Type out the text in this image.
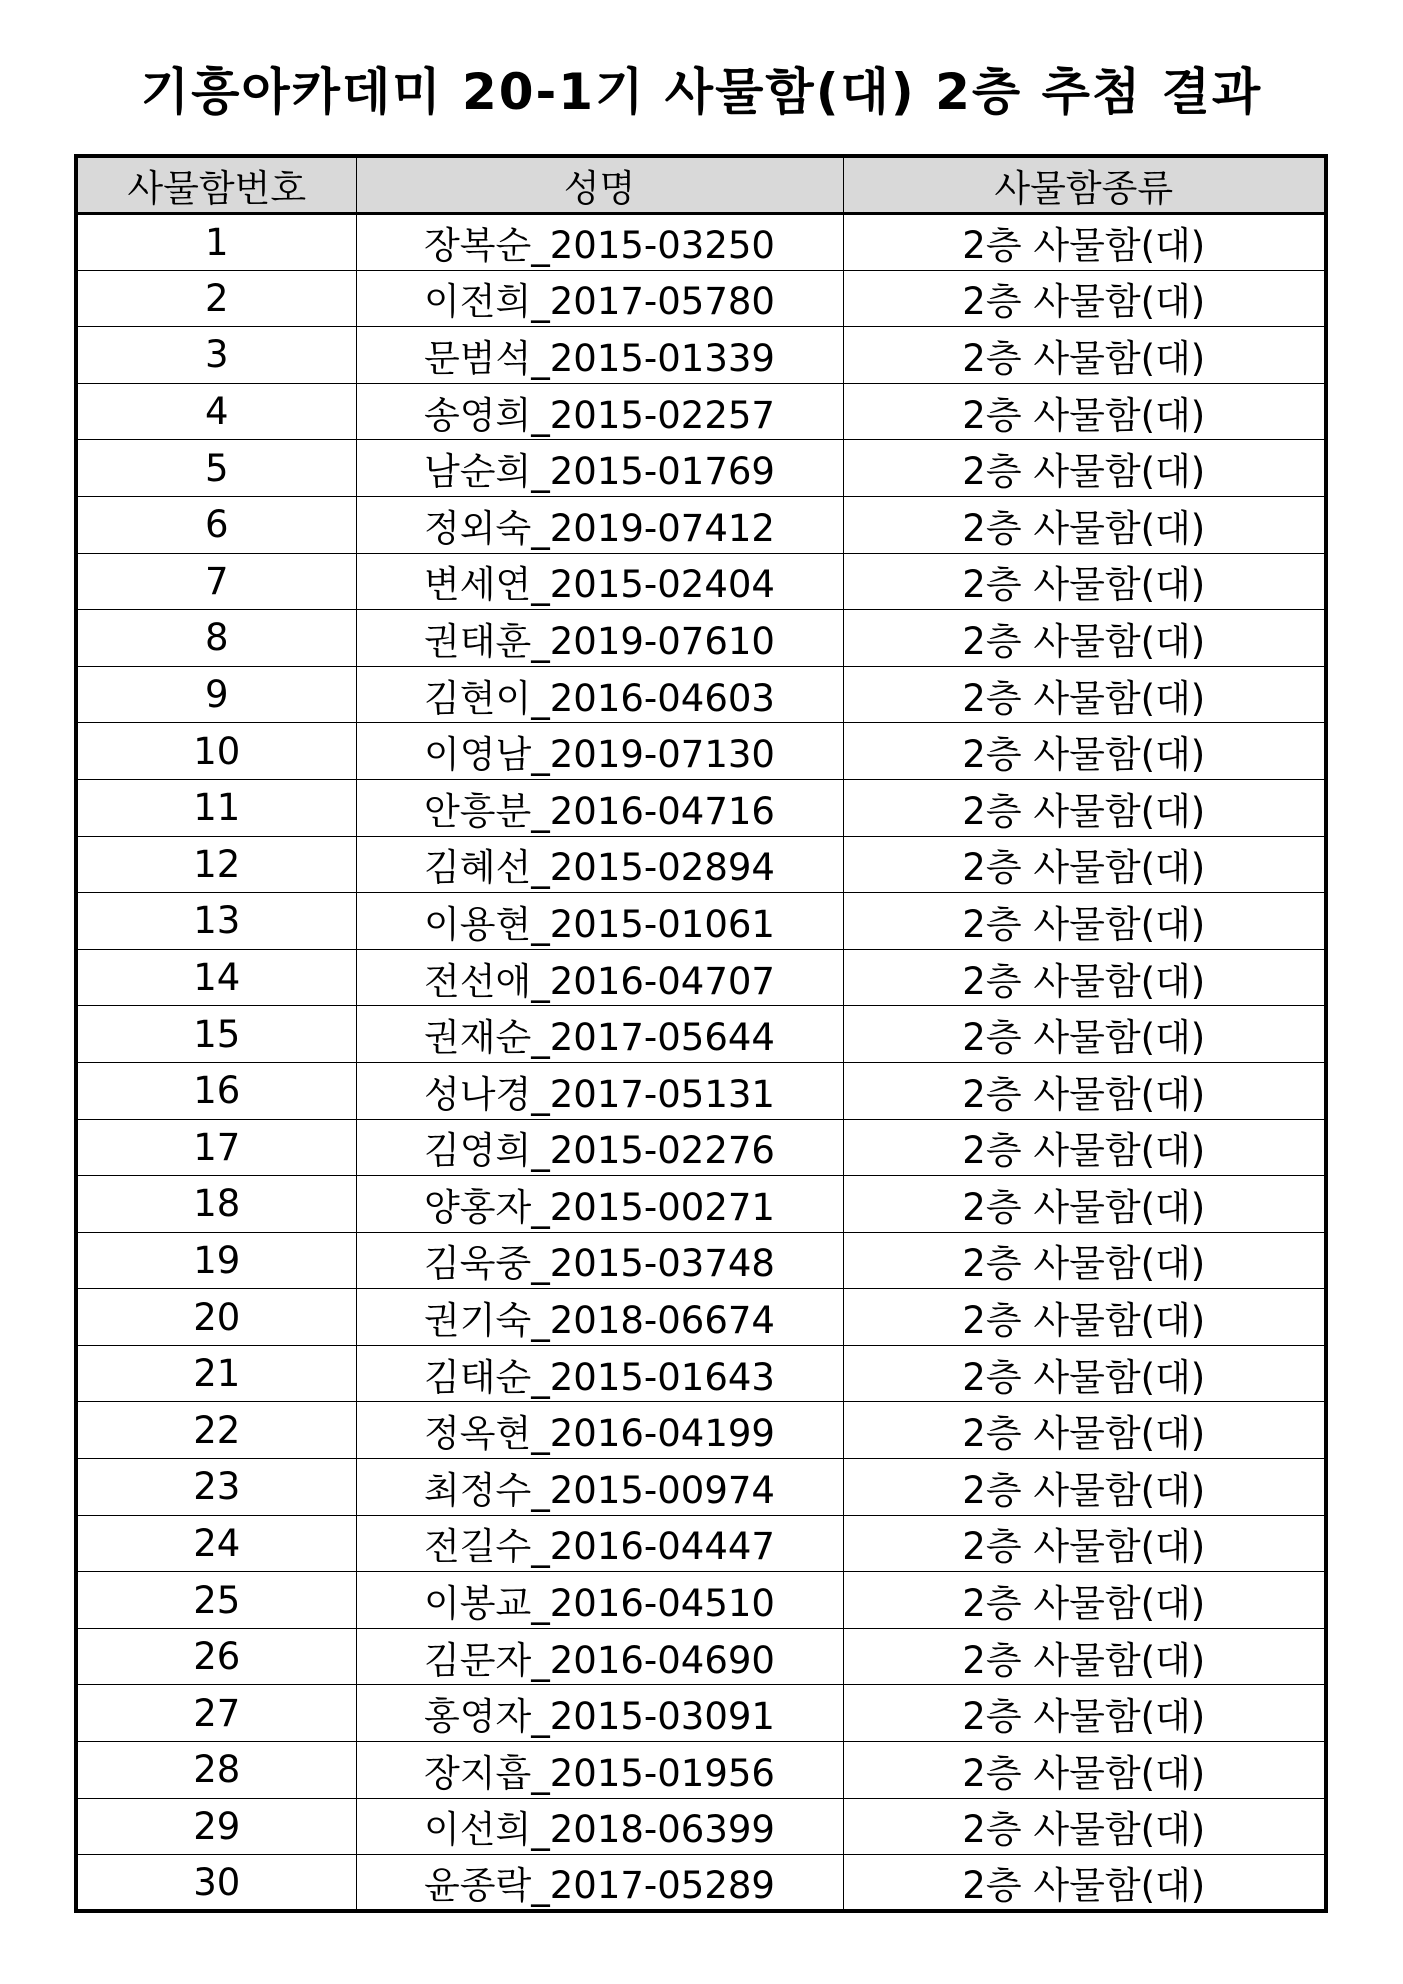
기흥아카데미 20-1기 사물함(대) 2층 추첨 결과
사물함번호	성명	사물함종류
1	장복순_2015-03250	2층 사물함(대)
2	이전희_2017-05780	2층 사물함(대)
3	문범석_2015-01339	2층 사물함(대)
4	송영희_2015-02257	2층 사물함(대)
5	남순희_2015-01769	2층 사물함(대)
6	정외숙_2019-07412	2층 사물함(대)
7	변세연_2015-02404	2층 사물함(대)
8	권태훈_2019-07610	2층 사물함(대)
9	김현이_2016-04603	2층 사물함(대)
10	이영남_2019-07130	2층 사물함(대)
11	안흥분_2016-04716	2층 사물함(대)
12	김혜선_2015-02894	2층 사물함(대)
13	이용현_2015-01061	2층 사물함(대)
14	전선애_2016-04707	2층 사물함(대)
15	권재순_2017-05644	2층 사물함(대)
16	성나경_2017-05131	2층 사물함(대)
17	김영희_2015-02276	2층 사물함(대)
18	양홍자_2015-00271	2층 사물함(대)
19	김욱중_2015-03748	2층 사물함(대)
20	권기숙_2018-06674	2층 사물함(대)
21	김태순_2015-01643	2층 사물함(대)
22	정옥현_2016-04199	2층 사물함(대)
23	최정수_2015-00974	2층 사물함(대)
24	전길수_2016-04447	2층 사물함(대)
25	이봉교_2016-04510	2층 사물함(대)
26	김문자_2016-04690	2층 사물함(대)
27	홍영자_2015-03091	2층 사물함(대)
28	장지흡_2015-01956	2층 사물함(대)
29	이선희_2018-06399	2층 사물함(대)
30	윤종락_2017-05289	2층 사물함(대)
